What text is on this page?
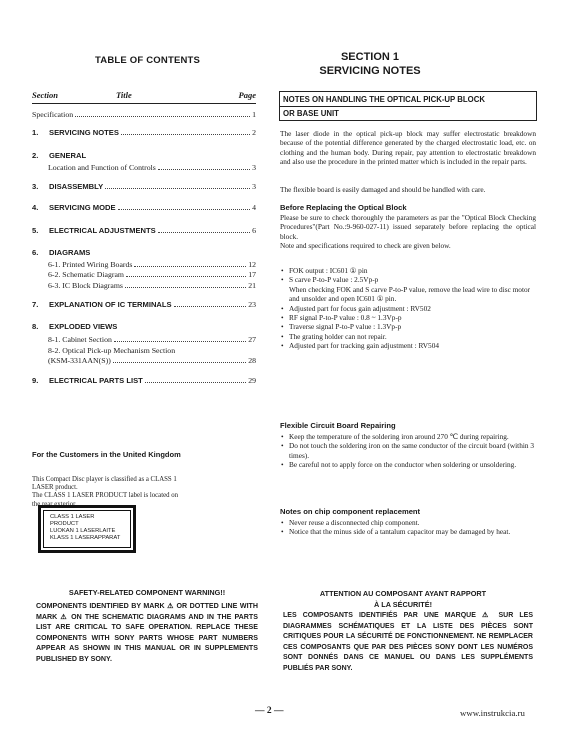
TABLE OF CONTENTS
Section	Title	Page
Specification	1
1. SERVICING NOTES	2
2. GENERAL
Location and Function of Controls	3
3. DISASSEMBLY	3
4. SERVICING MODE	4
5. ELECTRICAL ADJUSTMENTS	6
6. DIAGRAMS
6-1. Printed Wiring Boards	12
6-2. Schematic Diagram	17
6-3. IC Block Diagrams	21
7. EXPLANATION OF IC TERMINALS	23
8. EXPLODED VIEWS
8-1. Cabinet Section	27
8-2. Optical Pick-up Mechanism Section
(KSM-331AAN(S))	28
9. ELECTRICAL PARTS LIST	29
For the Customers in the United Kingdom
This Compact Disc player is classified as a CLASS 1 LASER product.
The CLASS 1 LASER PRODUCT label is located on the rear exterior.
CLASS 1 LASER PRODUCT
LUOKAN 1 LASERLAITE
KLASS 1 LASERAPPARAT
SAFETY-RELATED COMPONENT WARNING!!
COMPONENTS IDENTIFIED BY MARK ⚠ OR DOTTED LINE WITH MARK ⚠ ON THE SCHEMATIC DIAGRAMS AND IN THE PARTS LIST ARE CRITICAL TO SAFE OPERATION. REPLACE THESE COMPONENTS WITH SONY PARTS WHOSE PART NUMBERS APPEAR AS SHOWN IN THIS MANUAL OR IN SUPPLEMENTS PUBLISHED BY SONY.
SECTION 1
SERVICING NOTES
NOTES ON HANDLING THE OPTICAL PICK-UP BLOCK
OR BASE UNIT
The laser diode in the optical pick-up block may suffer electrostatic breakdown because of the potential difference generated by the charged electrostatic load, etc. on clothing and the human body. During repair, pay attention to electrostatic breakdown and also use the procedure in the printed matter which is included in the repair parts.
The flexible board is easily damaged and should be handled with care.
Before Replacing the Optical Block
Please be sure to check thoroughly the parameters as par the "Optical Block Checking Procedures"(Part No.:9-960-027-11) issued separately before replacing the optical block.
Note and specifications required to check are given below.
• FOK output : IC601 ① pin
• S carve P-to-P value : 2.5Vp-p
When checking FOK and S carve P-to-P value, remove the lead wire to disc motor and unsolder and open IC601 ① pin.
• Adjusted part for focus gain adjustment : RV502
• RF signal P-to-P value : 0.8 ~ 1.3Vp-p
• Traverse signal P-to-P value : 1.3Vp-p
• The grating holder can not repair.
• Adjusted part for tracking gain adjustment : RV504
Flexible Circuit Board Repairing
• Keep the temperature of the soldering iron around 270 ℃ during repairing.
• Do not touch the soldering iron on the same conductor of the circuit board (within 3 times).
• Be careful not to apply force on the conductor when soldering or unsoldering.
Notes on chip component replacement
• Never reuse a disconnected chip component.
• Notice that the minus side of a tantalum capacitor may be damaged by heat.
ATTENTION AU COMPOSANT AYANT RAPPORT
À LA SÉCURITÉ!
LES COMPOSANTS IDENTIFIÉS PAR UNE MARQUE ⚠ SUR LES DIAGRAMMES SCHÉMATIQUES ET LA LISTE DES PIÈCES SONT CRITIQUES POUR LA SÉCURITÉ DE FONCTIONNEMENT. NE REMPLACER CES COMPOSANTS QUE PAR DES PIÈCES SONY DONT LES NUMÉROS SONT DONNÉS DANS CE MANUEL OU DANS LES SUPPLÉMENTS PUBLIÉS PAR SONY.
— 2 —	www.instrukcia.ru
